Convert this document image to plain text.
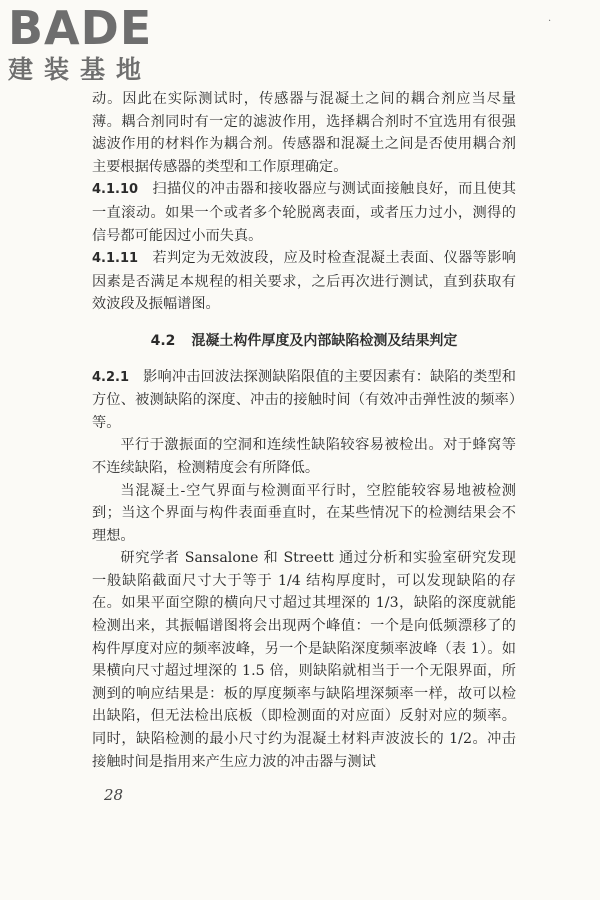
BADE
建装基地
·

动。因此在实际测试时，传感器与混凝土之间的耦合剂应当尽量薄。耦合剂同时有一定的滤波作用，选择耦合剂时不宜选用有很强滤波作用的材料作为耦合剂。传感器和混凝土之间是否使用耦合剂主要根据传感器的类型和工作原理确定。

4.1.10 扫描仪的冲击器和接收器应与测试面接触良好，而且使其一直滚动。如果一个或者多个轮脱离表面，或者压力过小，测得的信号都可能因过小而失真。

4.1.11 若判定为无效波段，应及时检查混凝土表面、仪器等影响因素是否满足本规程的相关要求，之后再次进行测试，直到获取有效波段及振幅谱图。

4.2 混凝土构件厚度及内部缺陷检测及结果判定

4.2.1 影响冲击回波法探测缺陷限值的主要因素有：缺陷的类型和方位、被测缺陷的深度、冲击的接触时间（有效冲击弹性波的频率）等。

平行于激振面的空洞和连续性缺陷较容易被检出。对于蜂窝等不连续缺陷，检测精度会有所降低。

当混凝土-空气界面与检测面平行时，空腔能较容易地被检测到；当这个界面与构件表面垂直时，在某些情况下的检测结果会不理想。

研究学者 Sansalone 和 Streett 通过分析和实验室研究发现一般缺陷截面尺寸大于等于 1/4 结构厚度时，可以发现缺陷的存在。如果平面空隙的横向尺寸超过其埋深的 1/3，缺陷的深度就能检测出来，其振幅谱图将会出现两个峰值：一个是向低频漂移了的构件厚度对应的频率波峰，另一个是缺陷深度频率波峰（表 1）。如果横向尺寸超过埋深的 1.5 倍，则缺陷就相当于一个无限界面，所测到的响应结果是：板的厚度频率与缺陷埋深频率一样，故可以检出缺陷，但无法检出底板（即检测面的对应面）反射对应的频率。同时，缺陷检测的最小尺寸约为混凝土材料声波波长的 1/2。冲击接触时间是指用来产生应力波的冲击器与测试

28
